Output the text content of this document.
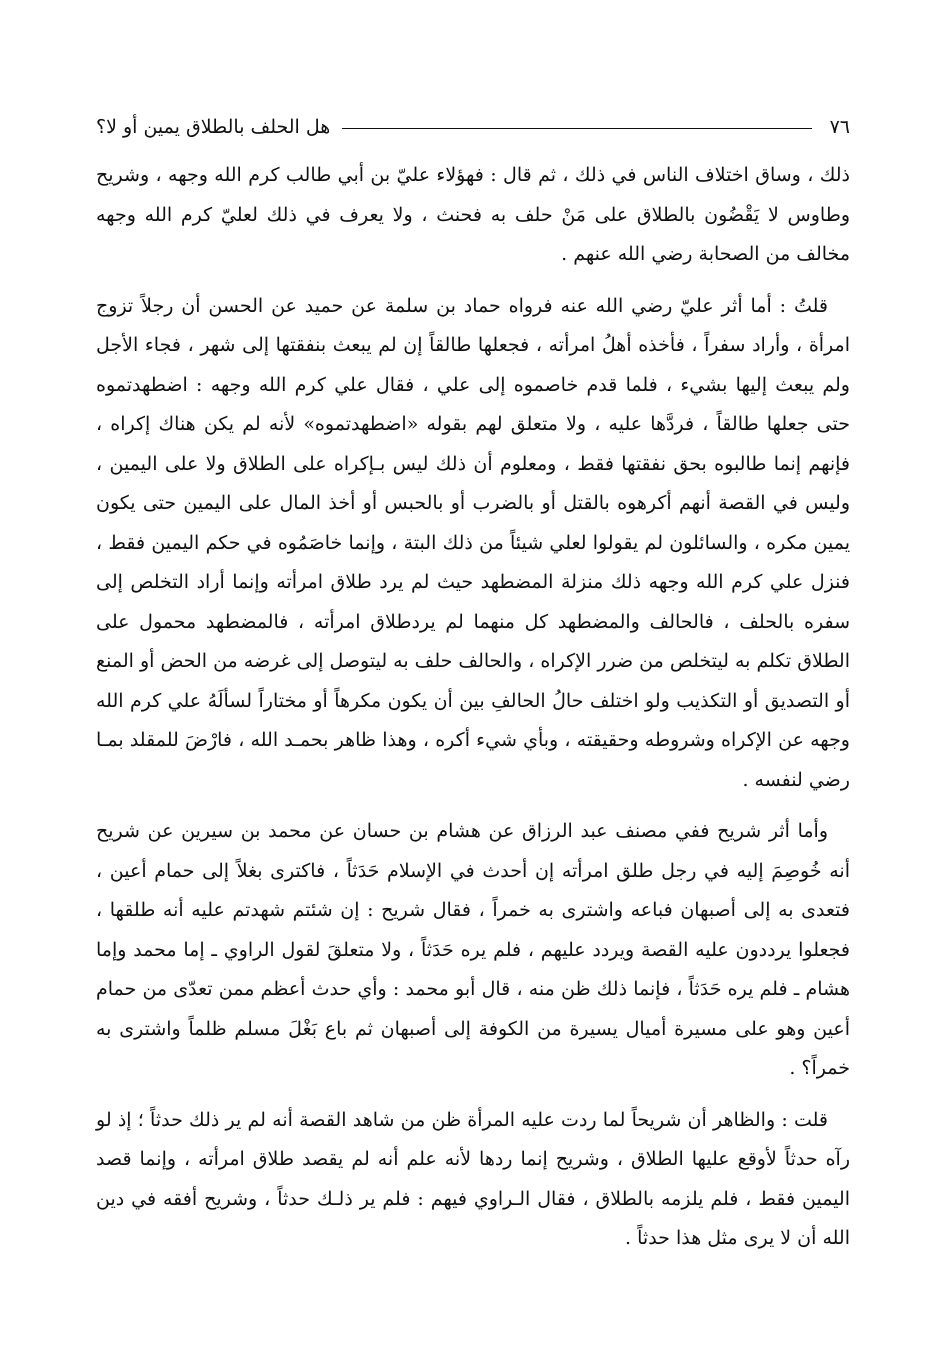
٧٦
هل الحلف بالطلاق يمين أو لا؟

ذلك ، وساق اختلاف الناس في ذلك ، ثم قال : فهؤلاء عليّ بن أبي طالب كرم الله وجهه ، وشريح وطاوس لا يَقْضُون بالطلاق على مَنْ حلف به فحنث ، ولا يعرف في ذلك لعليّ كرم الله وجهه مخالف من الصحابة رضي الله عنهم .

قلتُ : أما أثر عليّ رضي الله عنه فرواه حماد بن سلمة عن حميد عن الحسن أن رجلاً تزوج امرأة ، وأراد سفراً ، فأخذه أهلُ امرأته ، فجعلها طالقاً إن لم يبعث بنفقتها إلى شهر ، فجاء الأجل ولم يبعث إليها بشيء ، فلما قدم خاصموه إلى علي ، فقال علي كرم الله وجهه : اضطهدتموه حتى جعلها طالقاً ، فردَّها عليه ، ولا متعلق لهم بقوله «اضطهدتموه» لأنه لم يكن هناك إكراه ، فإنهم إنما طالبوه بحق نفقتها فقط ، ومعلوم أن ذلك ليس بـإكراه على الطلاق ولا على اليمين ، وليس في القصة أنهم أكرهوه بالقتل أو بالضرب أو بالحبس أو أخذ المال على اليمين حتى يكون يمين مكره ، والسائلون لم يقولوا لعلي شيئاً من ذلك البتة ، وإنما خاصَمُوه في حكم اليمين فقط ، فنزل علي كرم الله وجهه ذلك منزلة المضطهد حيث لم يرد طلاق امرأته وإنما أراد التخلص إلى سفره بالحلف ، فالحالف والمضطهد كل منهما لم يردطلاق امرأته ، فالمضطهد محمول على الطلاق تكلم به ليتخلص من ضرر الإكراه ، والحالف حلف به ليتوصل إلى غرضه من الحض أو المنع أو التصديق أو التكذيب ولو اختلف حالُ الحالفِ بين أن يكون مكرهاً أو مختاراً لسألَهُ علي كرم الله وجهه عن الإكراه وشروطه وحقيقته ، وبأي شيء أكره ، وهذا ظاهر بحمـد الله ، فارْضَ للمقلد بمـا رضي لنفسه .

وأما أثر شريح ففي مصنف عبد الرزاق عن هشام بن حسان عن محمد بن سيرين عن شريح أنه خُوصِمَ إليه في رجل طلق امرأته إن أحدث في الإسلام حَدَثاً ، فاكترى بغلاً إلى حمام أعين ، فتعدى به إلى أصبهان فباعه واشترى به خمراً ، فقال شريح : إن شئتم شهدتم عليه أنه طلقها ، فجعلوا يرددون عليه القصة ويردد عليهم ، فلم يره حَدَثاً ، ولا متعلقَ لقول الراوي ـ إما محمد وإما هشام ـ فلم يره حَدَثاً ، فإنما ذلك ظن منه ، قال أبو محمد : وأي حدث أعظم ممن تعدّى من حمام أعين وهو على مسيرة أميال يسيرة من الكوفة إلى أصبهان ثم باع بَغْلَ مسلم ظلماً واشترى به خمراً؟ .

قلت : والظاهر أن شريحاً لما ردت عليه المرأة ظن من شاهد القصة أنه لم ير ذلك حدثاً ؛ إذ لو رآه حدثاً لأوقع عليها الطلاق ، وشريح إنما ردها لأنه علم أنه لم يقصد طلاق امرأته ، وإنما قصد اليمين فقط ، فلم يلزمه بالطلاق ، فقال الـراوي فيهم : فلم ير ذلـك حدثاً ، وشريح أفقه في دين الله أن لا يرى مثل هذا حدثاً .
